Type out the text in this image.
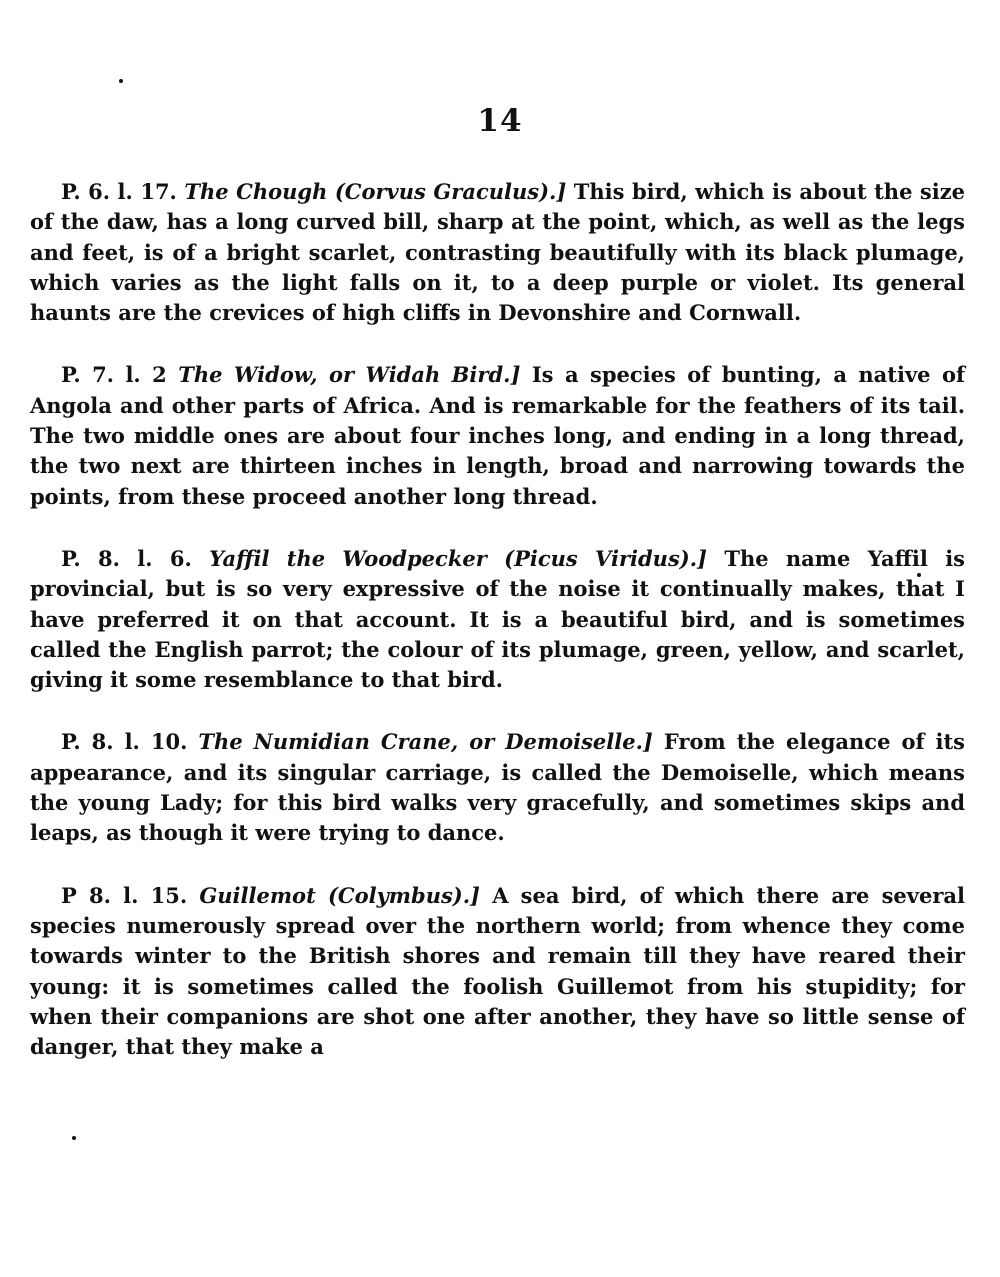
14

P. 6. l. 17. The Chough (Corvus Graculus).] This bird, which is about the size of the daw, has a long curved bill, sharp at the point, which, as well as the legs and feet, is of a bright scarlet, contrasting beautifully with its black plumage, which varies as the light falls on it, to a deep purple or violet. Its general haunts are the crevices of high cliffs in Devonshire and Cornwall.

P. 7. l. 2 The Widow, or Widah Bird.] Is a species of bunting, a native of Angola and other parts of Africa. And is remarkable for the feathers of its tail. The two middle ones are about four inches long, and ending in a long thread, the two next are thirteen inches in length, broad and narrowing towards the points, from these proceed another long thread.

P. 8. l. 6. Yaffil the Woodpecker (Picus Viridus).] The name Yaffil is provincial, but is so very expressive of the noise it continually makes, that I have preferred it on that account. It is a beautiful bird, and is sometimes called the English parrot; the colour of its plumage, green, yellow, and scarlet, giving it some resemblance to that bird.

P. 8. l. 10. The Numidian Crane, or Demoiselle.] From the elegance of its appearance, and its singular carriage, is called the Demoiselle, which means the young Lady; for this bird walks very gracefully, and sometimes skips and leaps, as though it were trying to dance.

P 8. l. 15. Guillemot (Colymbus).] A sea bird, of which there are several species numerously spread over the northern world; from whence they come towards winter to the British shores and remain till they have reared their young: it is sometimes called the foolish Guillemot from his stupidity; for when their companions are shot one after another, they have so little sense of danger, that they make a
